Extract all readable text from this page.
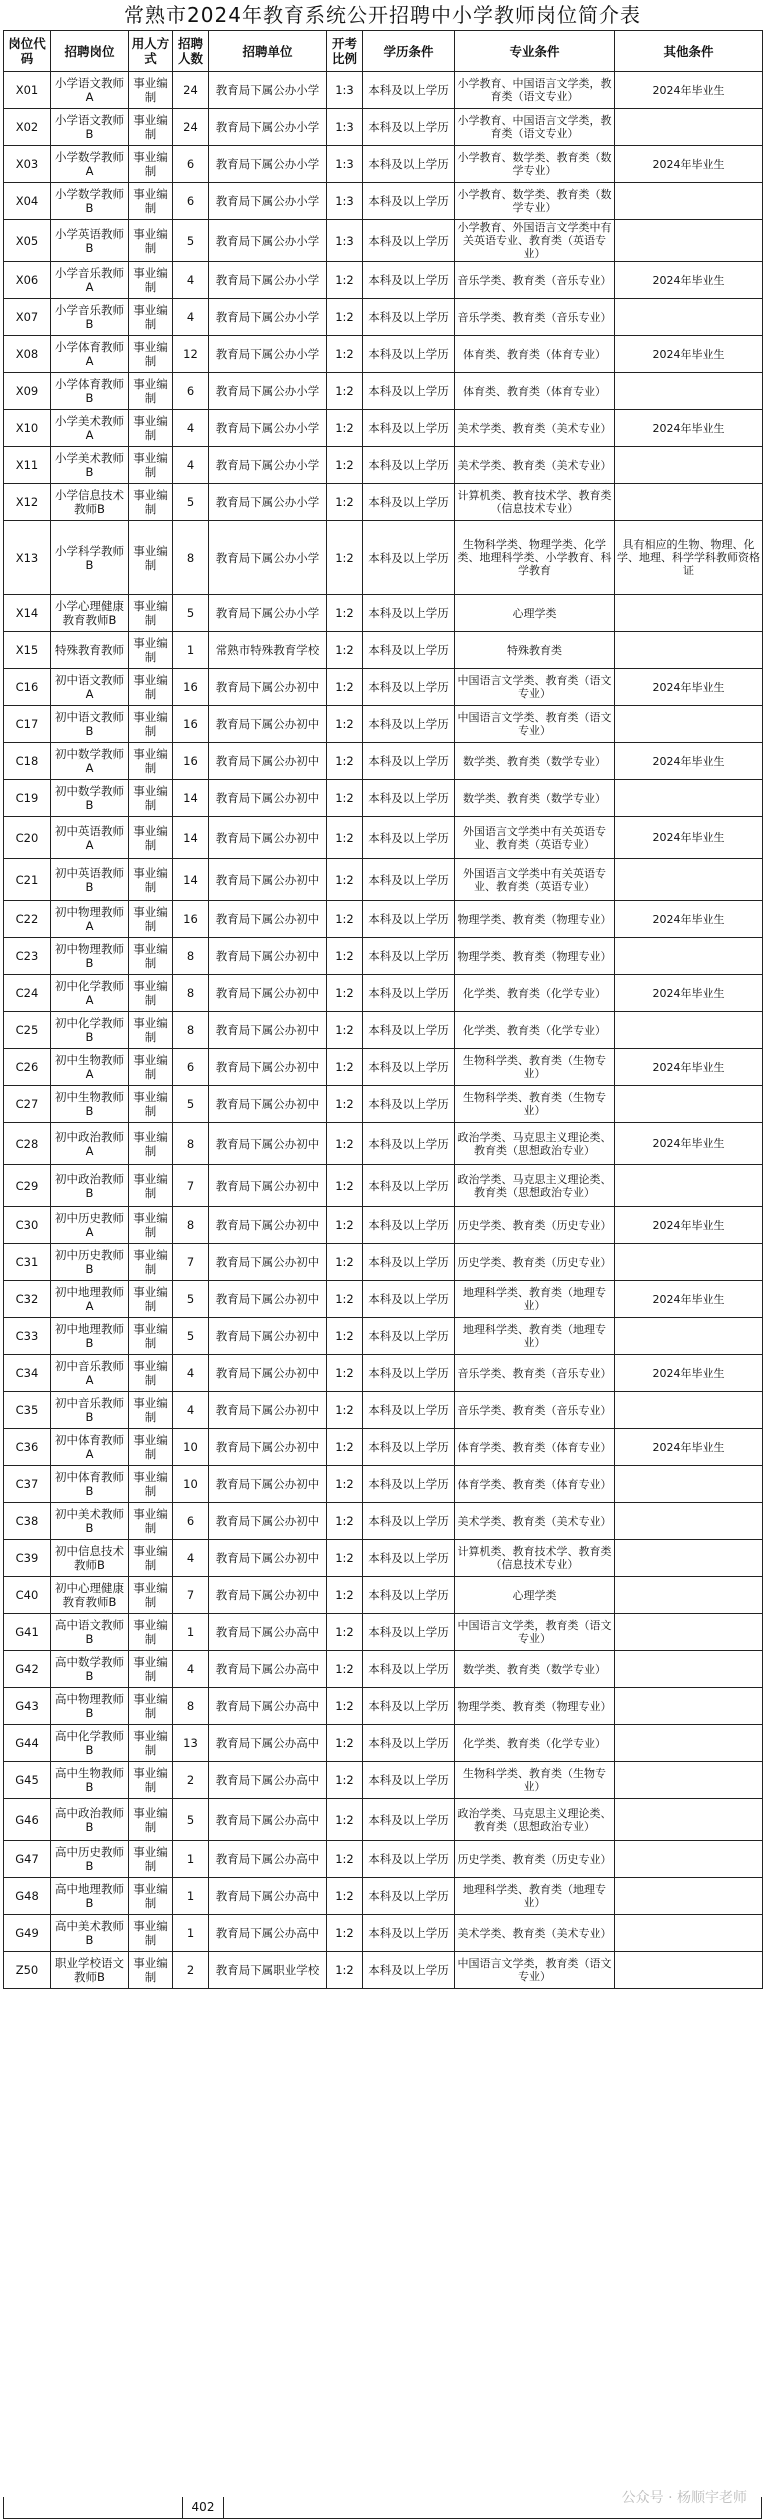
常熟市2024年教育系统公开招聘中小学教师岗位简介表
岗位代码	招聘岗位	用人方式	招聘人数	招聘单位	开考比例	学历条件	专业条件	其他条件
X01	小学语文教师A	事业编制	24	教育局下属公办小学	1:3	本科及以上学历	小学教育、中国语言文学类，教育类（语文专业）	2024年毕业生
X02	小学语文教师B	事业编制	24	教育局下属公办小学	1:3	本科及以上学历	小学教育、中国语言文学类，教育类（语文专业）	
X03	小学数学教师A	事业编制	6	教育局下属公办小学	1:3	本科及以上学历	小学教育、数学类、教育类（数学专业）	2024年毕业生
X04	小学数学教师B	事业编制	6	教育局下属公办小学	1:3	本科及以上学历	小学教育、数学类、教育类（数学专业）	
X05	小学英语教师B	事业编制	5	教育局下属公办小学	1:3	本科及以上学历	小学教育、外国语言文学类中有关英语专业、教育类（英语专业）	
X06	小学音乐教师A	事业编制	4	教育局下属公办小学	1:2	本科及以上学历	音乐学类、教育类（音乐专业）	2024年毕业生
X07	小学音乐教师B	事业编制	4	教育局下属公办小学	1:2	本科及以上学历	音乐学类、教育类（音乐专业）	
X08	小学体育教师A	事业编制	12	教育局下属公办小学	1:2	本科及以上学历	体育类、教育类（体育专业）	2024年毕业生
X09	小学体育教师B	事业编制	6	教育局下属公办小学	1:2	本科及以上学历	体育类、教育类（体育专业）	
X10	小学美术教师A	事业编制	4	教育局下属公办小学	1:2	本科及以上学历	美术学类、教育类（美术专业）	2024年毕业生
X11	小学美术教师B	事业编制	4	教育局下属公办小学	1:2	本科及以上学历	美术学类、教育类（美术专业）	
X12	小学信息技术教师B	事业编制	5	教育局下属公办小学	1:2	本科及以上学历	计算机类、教育技术学、教育类（信息技术专业）	
X13	小学科学教师B	事业编制	8	教育局下属公办小学	1:2	本科及以上学历	生物科学类、物理学类、化学类、地理科学类、小学教育、科学教育	具有相应的生物、物理、化学、地理、科学学科教师资格证
X14	小学心理健康教育教师B	事业编制	5	教育局下属公办小学	1:2	本科及以上学历	心理学类	
X15	特殊教育教师	事业编制	1	常熟市特殊教育学校	1:2	本科及以上学历	特殊教育类	
C16	初中语文教师A	事业编制	16	教育局下属公办初中	1:2	本科及以上学历	中国语言文学类、教育类（语文专业）	2024年毕业生
C17	初中语文教师B	事业编制	16	教育局下属公办初中	1:2	本科及以上学历	中国语言文学类、教育类（语文专业）	
C18	初中数学教师A	事业编制	16	教育局下属公办初中	1:2	本科及以上学历	数学类、教育类（数学专业）	2024年毕业生
C19	初中数学教师B	事业编制	14	教育局下属公办初中	1:2	本科及以上学历	数学类、教育类（数学专业）	
C20	初中英语教师A	事业编制	14	教育局下属公办初中	1:2	本科及以上学历	外国语言文学类中有关英语专业、教育类（英语专业）	2024年毕业生
C21	初中英语教师B	事业编制	14	教育局下属公办初中	1:2	本科及以上学历	外国语言文学类中有关英语专业、教育类（英语专业）	
C22	初中物理教师A	事业编制	16	教育局下属公办初中	1:2	本科及以上学历	物理学类、教育类（物理专业）	2024年毕业生
C23	初中物理教师B	事业编制	8	教育局下属公办初中	1:2	本科及以上学历	物理学类、教育类（物理专业）	
C24	初中化学教师A	事业编制	8	教育局下属公办初中	1:2	本科及以上学历	化学类、教育类（化学专业）	2024年毕业生
C25	初中化学教师B	事业编制	8	教育局下属公办初中	1:2	本科及以上学历	化学类、教育类（化学专业）	
C26	初中生物教师A	事业编制	6	教育局下属公办初中	1:2	本科及以上学历	生物科学类、教育类（生物专业）	2024年毕业生
C27	初中生物教师B	事业编制	5	教育局下属公办初中	1:2	本科及以上学历	生物科学类、教育类（生物专业）	
C28	初中政治教师A	事业编制	8	教育局下属公办初中	1:2	本科及以上学历	政治学类、马克思主义理论类、教育类（思想政治专业）	2024年毕业生
C29	初中政治教师B	事业编制	7	教育局下属公办初中	1:2	本科及以上学历	政治学类、马克思主义理论类、教育类（思想政治专业）	
C30	初中历史教师A	事业编制	8	教育局下属公办初中	1:2	本科及以上学历	历史学类、教育类（历史专业）	2024年毕业生
C31	初中历史教师B	事业编制	7	教育局下属公办初中	1:2	本科及以上学历	历史学类、教育类（历史专业）	
C32	初中地理教师A	事业编制	5	教育局下属公办初中	1:2	本科及以上学历	地理科学类、教育类（地理专业）	2024年毕业生
C33	初中地理教师B	事业编制	5	教育局下属公办初中	1:2	本科及以上学历	地理科学类、教育类（地理专业）	
C34	初中音乐教师A	事业编制	4	教育局下属公办初中	1:2	本科及以上学历	音乐学类、教育类（音乐专业）	2024年毕业生
C35	初中音乐教师B	事业编制	4	教育局下属公办初中	1:2	本科及以上学历	音乐学类、教育类（音乐专业）	
C36	初中体育教师A	事业编制	10	教育局下属公办初中	1:2	本科及以上学历	体育学类、教育类（体育专业）	2024年毕业生
C37	初中体育教师B	事业编制	10	教育局下属公办初中	1:2	本科及以上学历	体育学类、教育类（体育专业）	
C38	初中美术教师B	事业编制	6	教育局下属公办初中	1:2	本科及以上学历	美术学类、教育类（美术专业）	
C39	初中信息技术教师B	事业编制	4	教育局下属公办初中	1:2	本科及以上学历	计算机类、教育技术学、教育类（信息技术专业）	
C40	初中心理健康教育教师B	事业编制	7	教育局下属公办初中	1:2	本科及以上学历	心理学类	
G41	高中语文教师B	事业编制	1	教育局下属公办高中	1:2	本科及以上学历	中国语言文学类，教育类（语文专业）	
G42	高中数学教师B	事业编制	4	教育局下属公办高中	1:2	本科及以上学历	数学类、教育类（数学专业）	
G43	高中物理教师B	事业编制	8	教育局下属公办高中	1:2	本科及以上学历	物理学类、教育类（物理专业）	
G44	高中化学教师B	事业编制	13	教育局下属公办高中	1:2	本科及以上学历	化学类、教育类（化学专业）	
G45	高中生物教师B	事业编制	2	教育局下属公办高中	1:2	本科及以上学历	生物科学类、教育类（生物专业）	
G46	高中政治教师B	事业编制	5	教育局下属公办高中	1:2	本科及以上学历	政治学类、马克思主义理论类、教育类（思想政治专业）	
G47	高中历史教师B	事业编制	1	教育局下属公办高中	1:2	本科及以上学历	历史学类、教育类（历史专业）	
G48	高中地理教师B	事业编制	1	教育局下属公办高中	1:2	本科及以上学历	地理科学类、教育类（地理专业）	
G49	高中美术教师B	事业编制	1	教育局下属公办高中	1:2	本科及以上学历	美术学类、教育类（美术专业）	
Z50	职业学校语文教师B	事业编制	2	教育局下属职业学校	1:2	本科及以上学历	中国语言文学类，教育类（语文专业）	
402
公众号 · 杨顺宇老师
